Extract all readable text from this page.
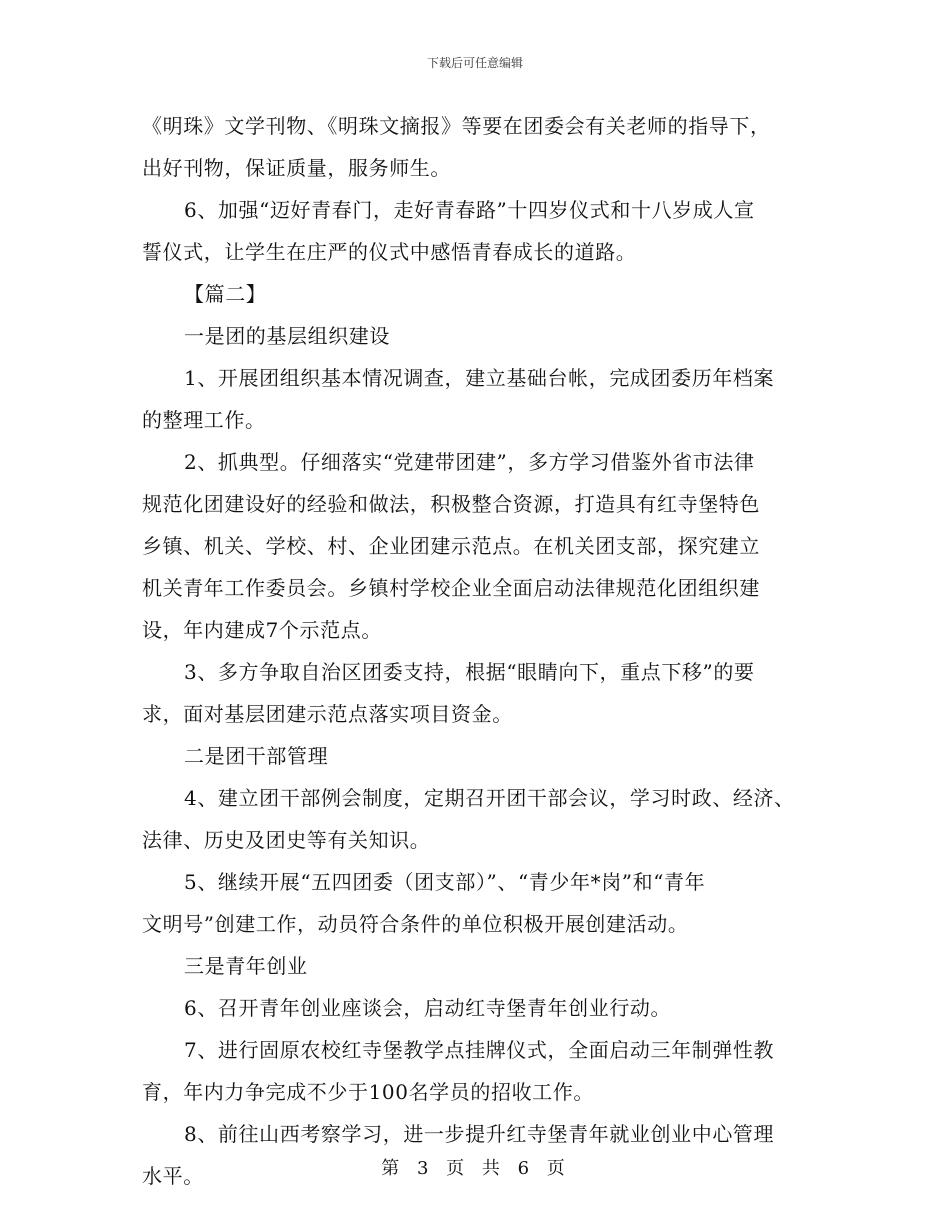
下载后可任意编辑
《明珠》文学刊物、《明珠文摘报》等要在团委会有关老师的指导下，
出好刊物，保证质量，服务师生。
6、加强“迈好青春门，走好青春路”十四岁仪式和十八岁成人宣
誓仪式，让学生在庄严的仪式中感悟青春成长的道路。
【篇二】
一是团的基层组织建设
1、开展团组织基本情况调查，建立基础台帐，完成团委历年档案
的整理工作。
2、抓典型。仔细落实“党建带团建”，多方学习借鉴外省市法律
规范化团建设好的经验和做法，积极整合资源，打造具有红寺堡特色
乡镇、机关、学校、村、企业团建示范点。在机关团支部，探究建立
机关青年工作委员会。乡镇村学校企业全面启动法律规范化团组织建
设，年内建成7个示范点。
3、多方争取自治区团委支持，根据“眼睛向下，重点下移”的要
求，面对基层团建示范点落实项目资金。
二是团干部管理
4、建立团干部例会制度，定期召开团干部会议，学习时政、经济、
法律、历史及团史等有关知识。
5、继续开展“五四团委（团支部）”、“青少年*岗”和“青年
文明号”创建工作，动员符合条件的单位积极开展创建活动。
三是青年创业
6、召开青年创业座谈会，启动红寺堡青年创业行动。
7、进行固原农校红寺堡教学点挂牌仪式，全面启动三年制弹性教
育，年内力争完成不少于100名学员的招收工作。
8、前往山西考察学习，进一步提升红寺堡青年就业创业中心管理
水平。	第 3 页 共 6 页
